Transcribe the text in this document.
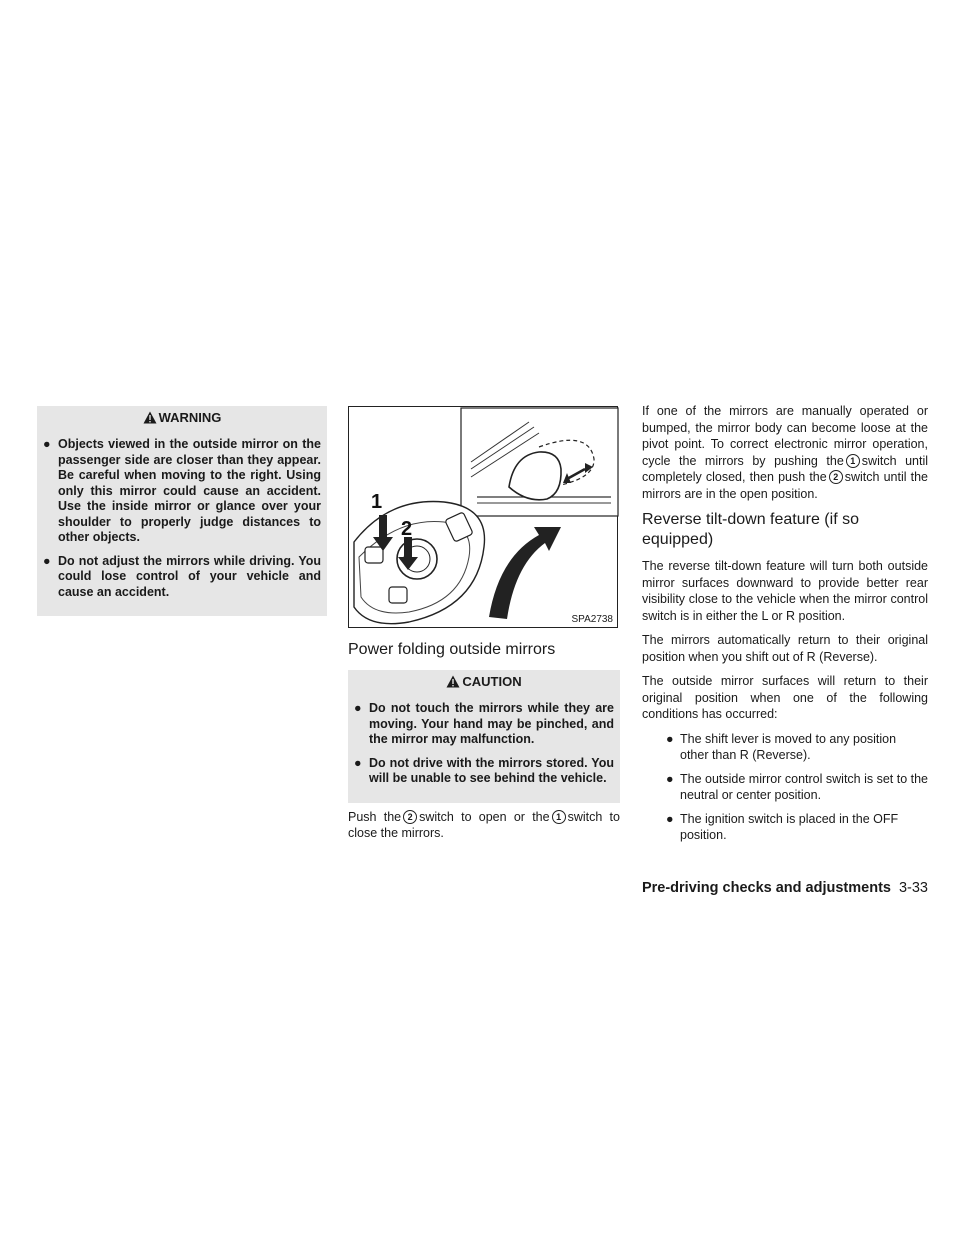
WARNING
● Objects viewed in the outside mirror on the passenger side are closer than they appear. Be careful when moving to the right. Using only this mirror could cause an accident. Use the inside mirror or glance over your shoulder to properly judge distances to other objects.
● Do not adjust the mirrors while driving. You could lose control of your vehicle and cause an accident.
1
2
SPA2738
Power folding outside mirrors
CAUTION
● Do not touch the mirrors while they are moving. Your hand may be pinched, and the mirror may malfunction.
● Do not drive with the mirrors stored. You will be unable to see behind the vehicle.

Push the 2 switch to open or the 1 switch to close the mirrors.

If one of the mirrors are manually operated or bumped, the mirror body can become loose at the pivot point. To correct electronic mirror operation, cycle the mirrors by pushing the 1 switch until completely closed, then push the 2 switch until the mirrors are in the open position.

Reverse tilt-down feature (if so equipped)

The reverse tilt-down feature will turn both outside mirror surfaces downward to provide better rear visibility close to the vehicle when the mirror control switch is in either the L or R position.

The mirrors automatically return to their original position when you shift out of R (Reverse).

The outside mirror surfaces will return to their original position when one of the following conditions has occurred:

● The shift lever is moved to any position other than R (Reverse).
● The outside mirror control switch is set to the neutral or center position.
● The ignition switch is placed in the OFF position.
Pre-driving checks and adjustments 3-33
